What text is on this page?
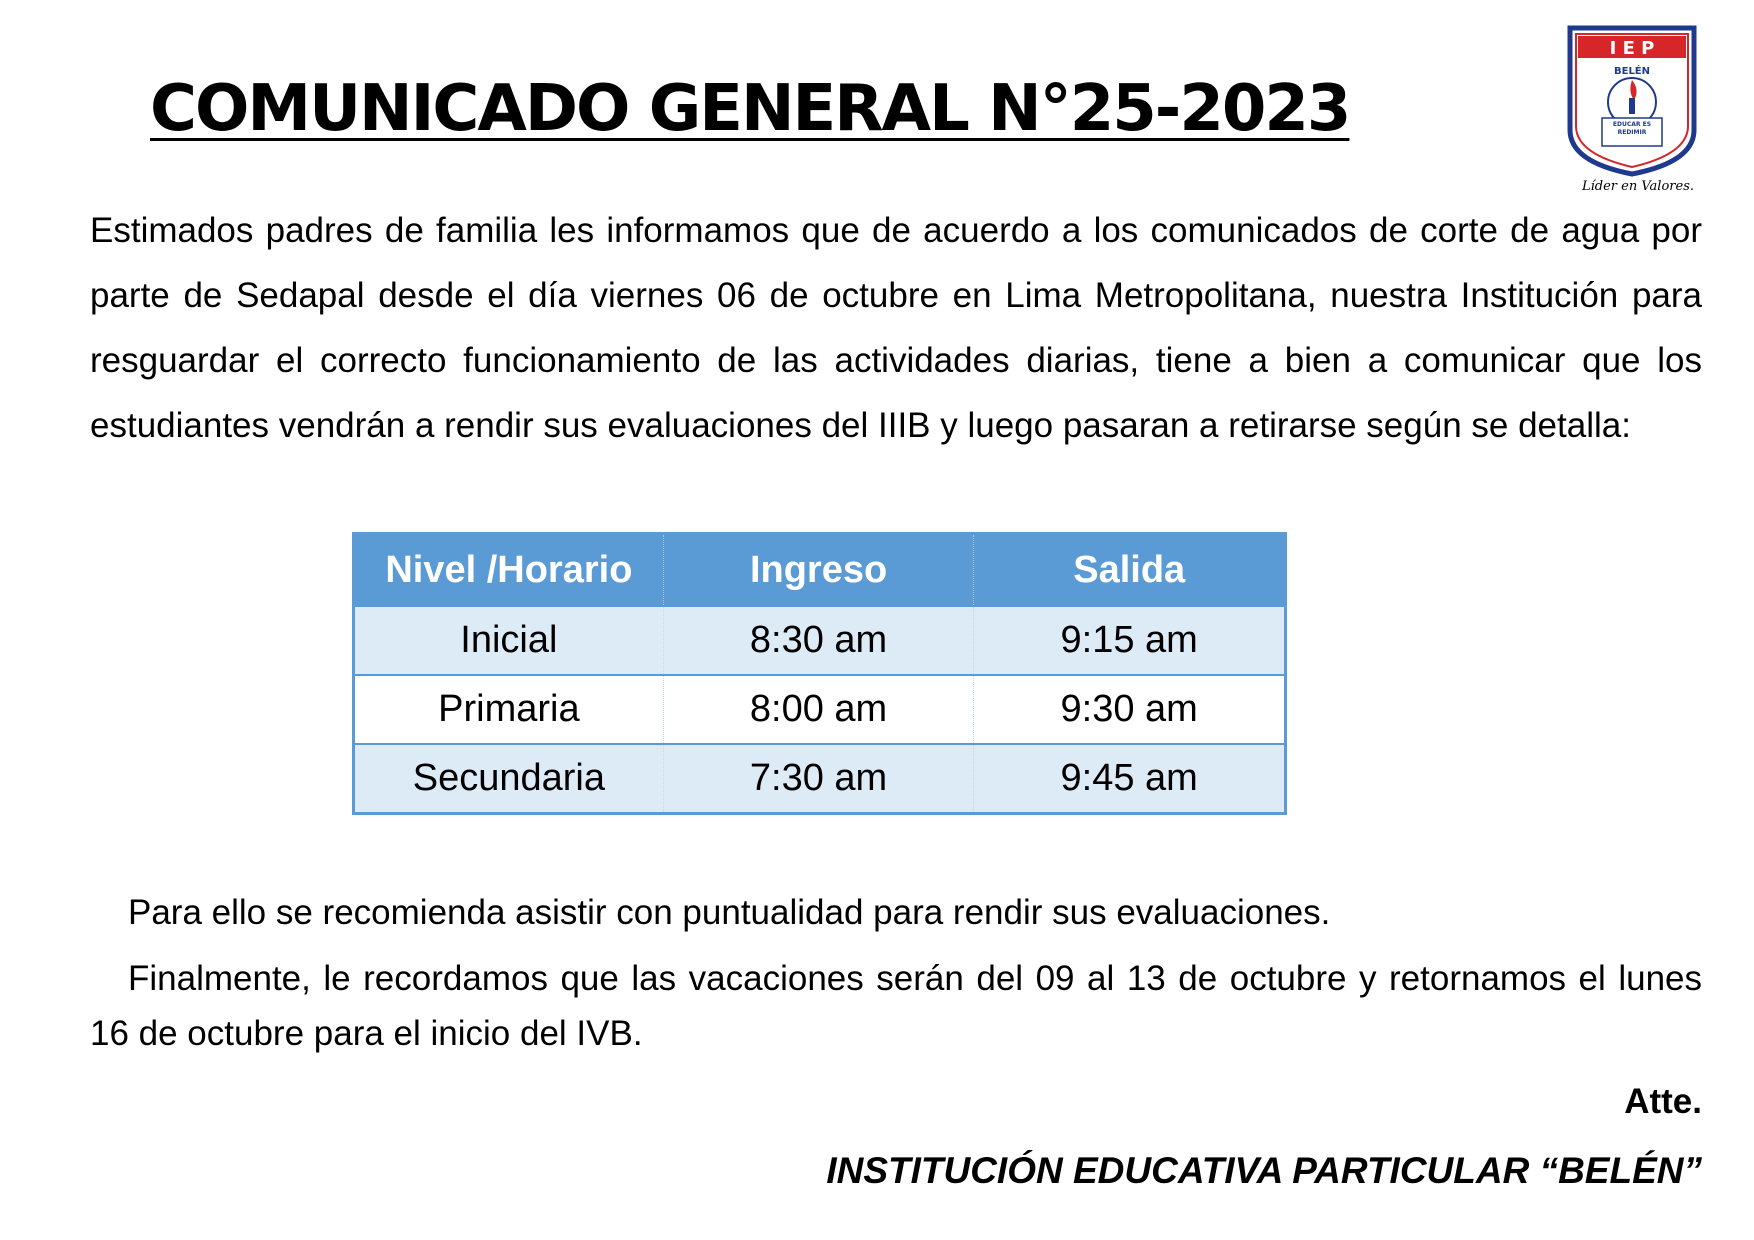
COMUNICADO GENERAL N°25-2023
I E P
BELÉN
EDUCAR ES REDIMIR
Líder en Valores.

Estimados padres de familia les informamos que de acuerdo a los comunicados de corte de agua por parte de Sedapal desde el día viernes 06 de octubre en Lima Metropolitana, nuestra Institución para resguardar el correcto funcionamiento de las actividades diarias, tiene a bien a comunicar que los estudiantes vendrán a rendir sus evaluaciones del IIIB y luego pasaran a retirarse según se detalla:

Nivel /Horario	Ingreso	Salida
Inicial	8:30 am	9:15 am
Primaria	8:00 am	9:30 am
Secundaria	7:30 am	9:45 am

Para ello se recomienda asistir con puntualidad para rendir sus evaluaciones.

Finalmente, le recordamos que las vacaciones serán del 09 al 13 de octubre y retornamos el lunes 16 de octubre para el inicio del IVB.

Atte.

INSTITUCIÓN EDUCATIVA PARTICULAR “BELÉN”
